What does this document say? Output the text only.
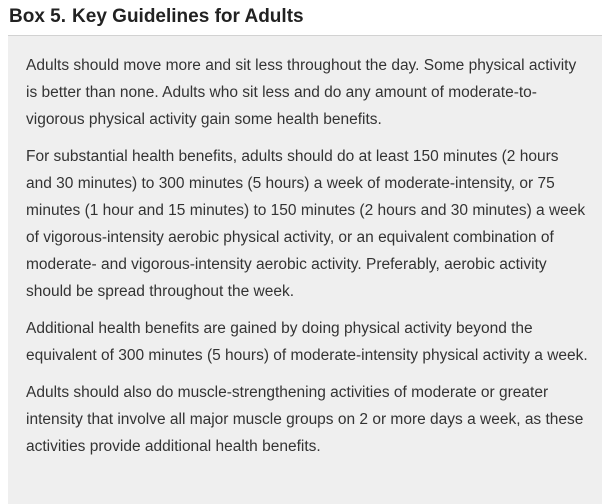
Box 5. Key Guidelines for Adults

Adults should move more and sit less throughout the day. Some physical activity is better than none. Adults who sit less and do any amount of moderate-to-vigorous physical activity gain some health benefits.

For substantial health benefits, adults should do at least 150 minutes (2 hours and 30 minutes) to 300 minutes (5 hours) a week of moderate-intensity, or 75 minutes (1 hour and 15 minutes) to 150 minutes (2 hours and 30 minutes) a week of vigorous-intensity aerobic physical activity, or an equivalent combination of moderate- and vigorous-intensity aerobic activity. Preferably, aerobic activity should be spread throughout the week.

Additional health benefits are gained by doing physical activity beyond the equivalent of 300 minutes (5 hours) of moderate-intensity physical activity a week.

Adults should also do muscle-strengthening activities of moderate or greater intensity that involve all major muscle groups on 2 or more days a week, as these activities provide additional health benefits.
